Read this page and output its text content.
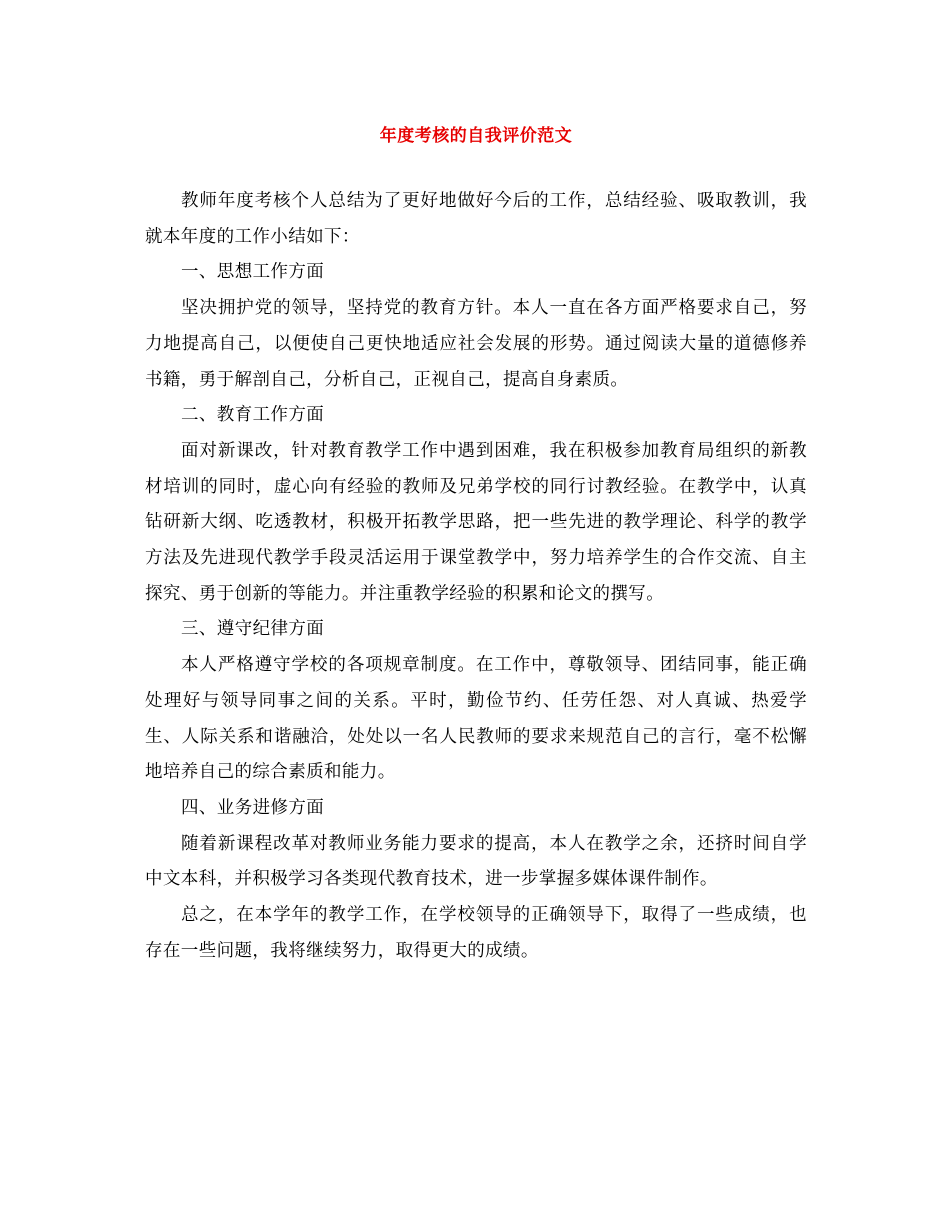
年度考核的自我评价范文

教师年度考核个人总结为了更好地做好今后的工作，总结经验、吸取教训，我就本年度的工作小结如下：

一、思想工作方面

坚决拥护党的领导，坚持党的教育方针。本人一直在各方面严格要求自己，努力地提高自己，以便使自己更快地适应社会发展的形势。通过阅读大量的道德修养书籍，勇于解剖自己，分析自己，正视自己，提高自身素质。

二、教育工作方面

面对新课改，针对教育教学工作中遇到困难，我在积极参加教育局组织的新教材培训的同时，虚心向有经验的教师及兄弟学校的同行讨教经验。在教学中，认真钻研新大纲、吃透教材，积极开拓教学思路，把一些先进的教学理论、科学的教学方法及先进现代教学手段灵活运用于课堂教学中，努力培养学生的合作交流、自主 探究、勇于创新的等能力。并注重教学经验的积累和论文的撰写。

三、遵守纪律方面

本人严格遵守学校的各项规章制度。在工作中，尊敬领导、团结同事，能正确处理好与领导同事之间的关系。平时，勤俭节约、任劳任怨、对人真诚、热爱学生、人际关系和谐融洽，处处以一名人民教师的要求来规范自己的言行，毫不松懈地培养自己的综合素质和能力。

四、业务进修方面

随着新课程改革对教师业务能力要求的提高，本人在教学之余，还挤时间自学中文本科，并积极学习各类现代教育技术，进一步掌握多媒体课件制作。

总之，在本学年的教学工作，在学校领导的正确领导下，取得了一些成绩，也存在一些问题，我将继续努力，取得更大的成绩。
